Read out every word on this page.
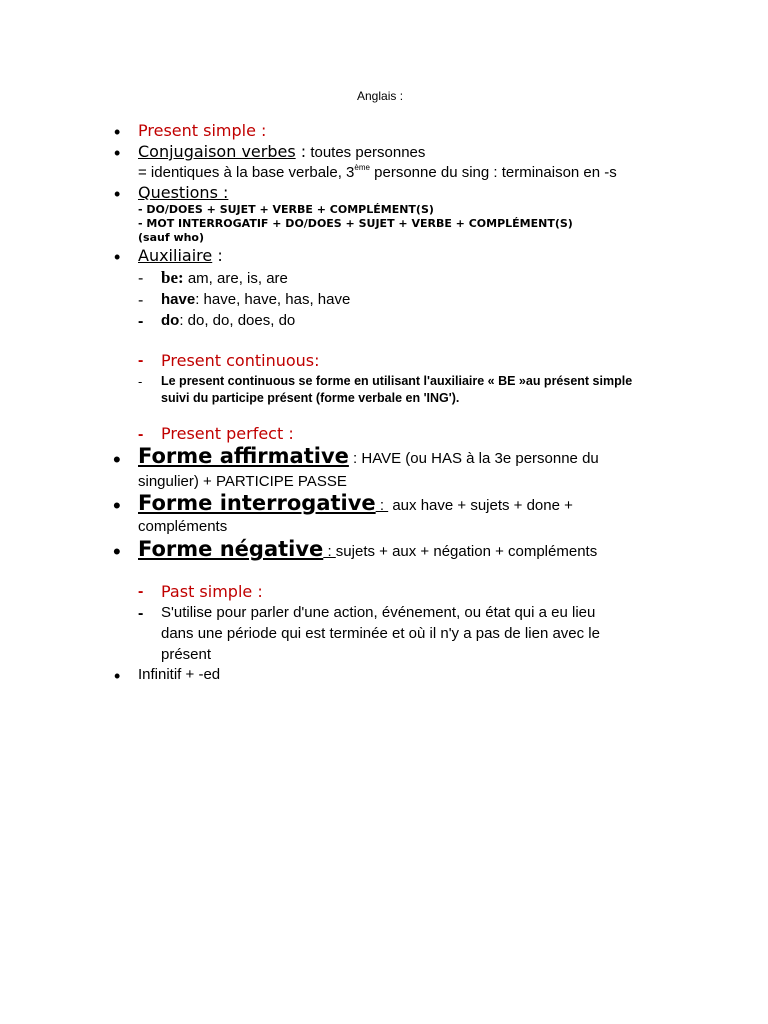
Anglais :
• Present simple :
• Conjugaison verbes : toutes personnes
= identiques à la base verbale, 3ème personne du sing : terminaison en -s
• Questions :
- DO/DOES + SUJET + VERBE + COMPLÉMENT(S)
- MOT INTERROGATIF + DO/DOES + SUJET + VERBE + COMPLÉMENT(S)
(sauf who)
• Auxiliaire :
- be: am, are, is, are
- have: have, have, has, have
- do: do, do, does, do
- Present continuous:
- Le present continuous se forme en utilisant l'auxiliaire « BE »au présent simple
suivi du participe présent (forme verbale en 'ING').
- Present perfect :
• Forme affirmative : HAVE (ou HAS à la 3e personne du
singulier) + PARTICIPE PASSE
• Forme interrogative :  aux have + sujets + done +
compléments
• Forme négative : sujets + aux + négation + compléments
- Past simple :
- S'utilise pour parler d'une action, événement, ou état qui a eu lieu
dans une période qui est terminée et où il n'y a pas de lien avec le
présent
• Infinitif + -ed
